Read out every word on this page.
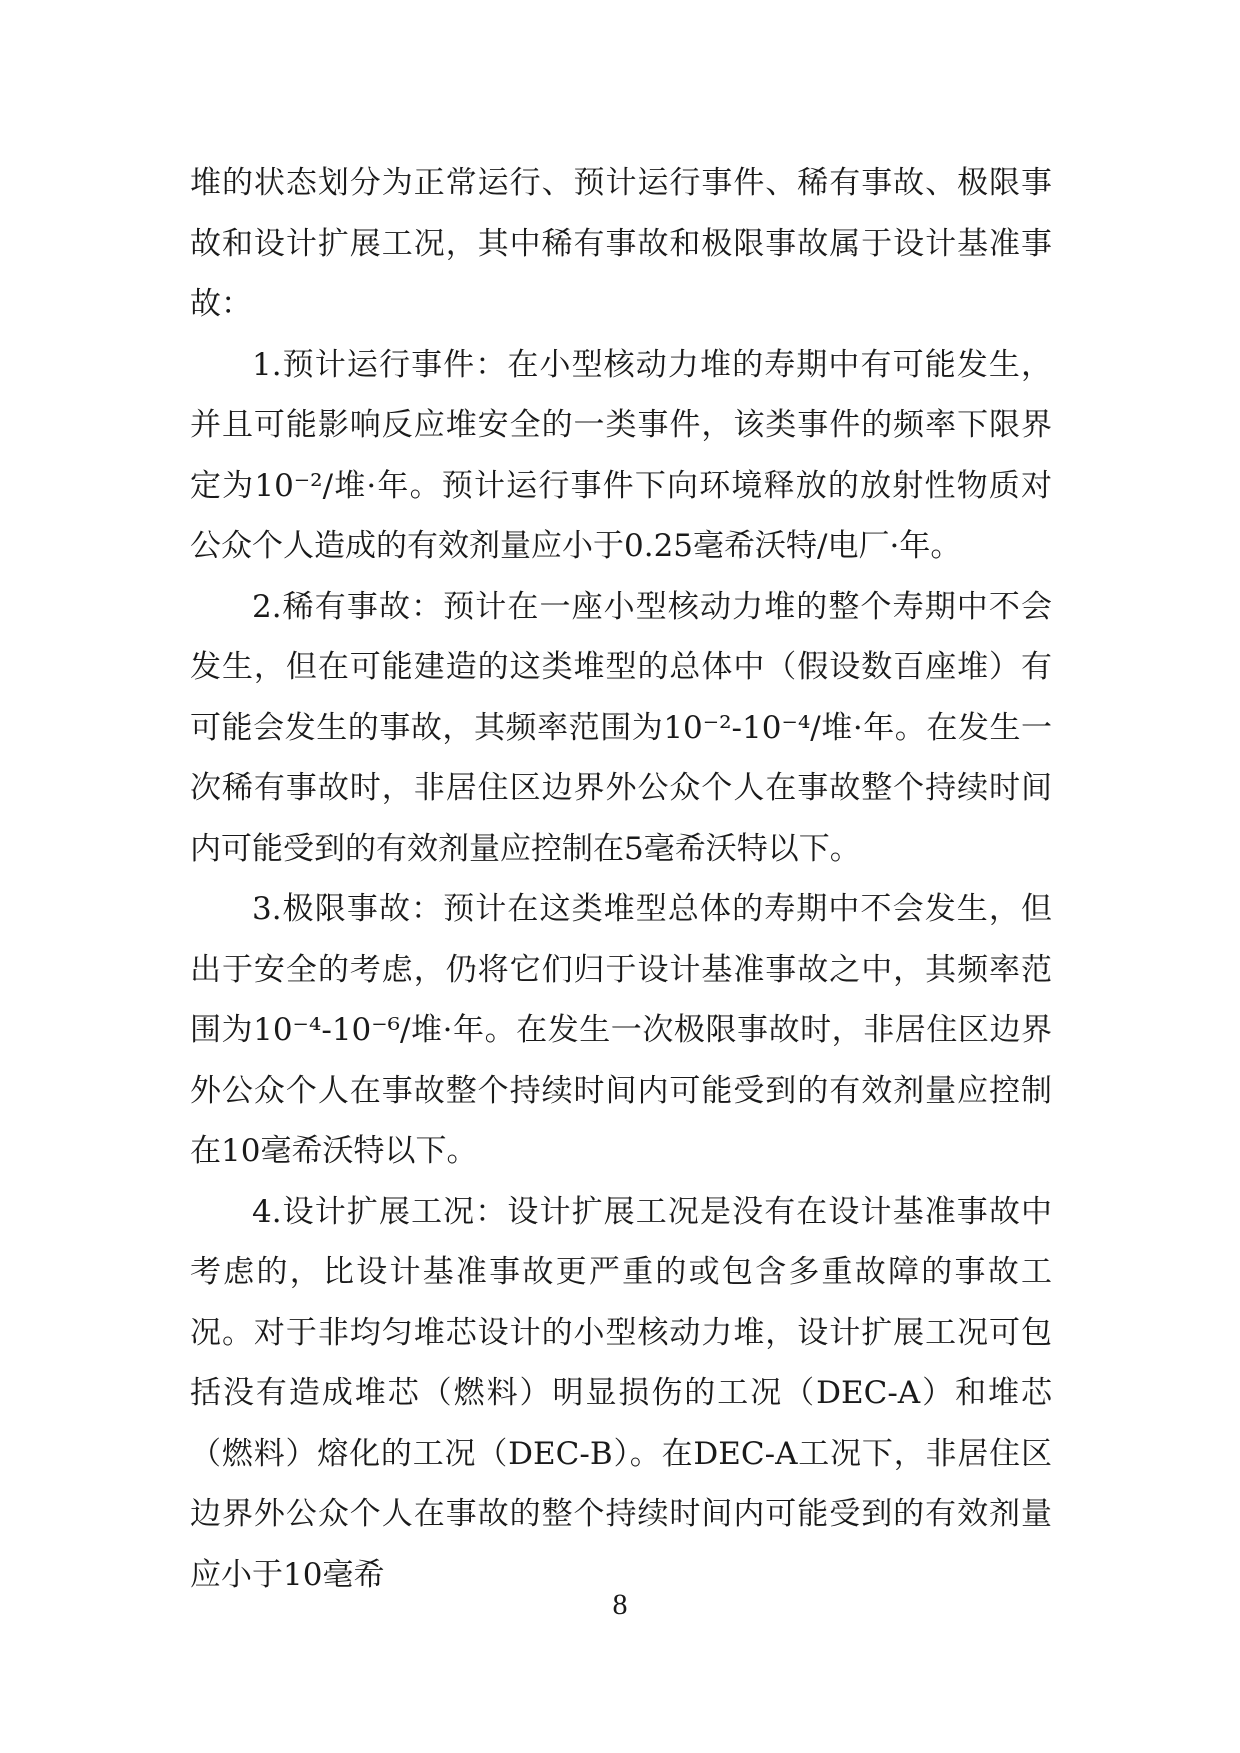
堆的状态划分为正常运行、预计运行事件、稀有事故、极限事故和设计扩展工况，其中稀有事故和极限事故属于设计基准事故：

1.预计运行事件：在小型核动力堆的寿期中有可能发生，并且可能影响反应堆安全的一类事件，该类事件的频率下限界定为10⁻²/堆·年。预计运行事件下向环境释放的放射性物质对公众个人造成的有效剂量应小于0.25毫希沃特/电厂·年。

2.稀有事故：预计在一座小型核动力堆的整个寿期中不会发生，但在可能建造的这类堆型的总体中（假设数百座堆）有可能会发生的事故，其频率范围为10⁻²-10⁻⁴/堆·年。在发生一次稀有事故时，非居住区边界外公众个人在事故整个持续时间内可能受到的有效剂量应控制在5毫希沃特以下。

3.极限事故：预计在这类堆型总体的寿期中不会发生，但出于安全的考虑，仍将它们归于设计基准事故之中，其频率范围为10⁻⁴-10⁻⁶/堆·年。在发生一次极限事故时，非居住区边界外公众个人在事故整个持续时间内可能受到的有效剂量应控制在10毫希沃特以下。

4.设计扩展工况：设计扩展工况是没有在设计基准事故中考虑的，比设计基准事故更严重的或包含多重故障的事故工况。对于非均匀堆芯设计的小型核动力堆，设计扩展工况可包括没有造成堆芯（燃料）明显损伤的工况（DEC-A）和堆芯（燃料）熔化的工况（DEC-B）。在DEC-A工况下，非居住区边界外公众个人在事故的整个持续时间内可能受到的有效剂量应小于10毫希

8
